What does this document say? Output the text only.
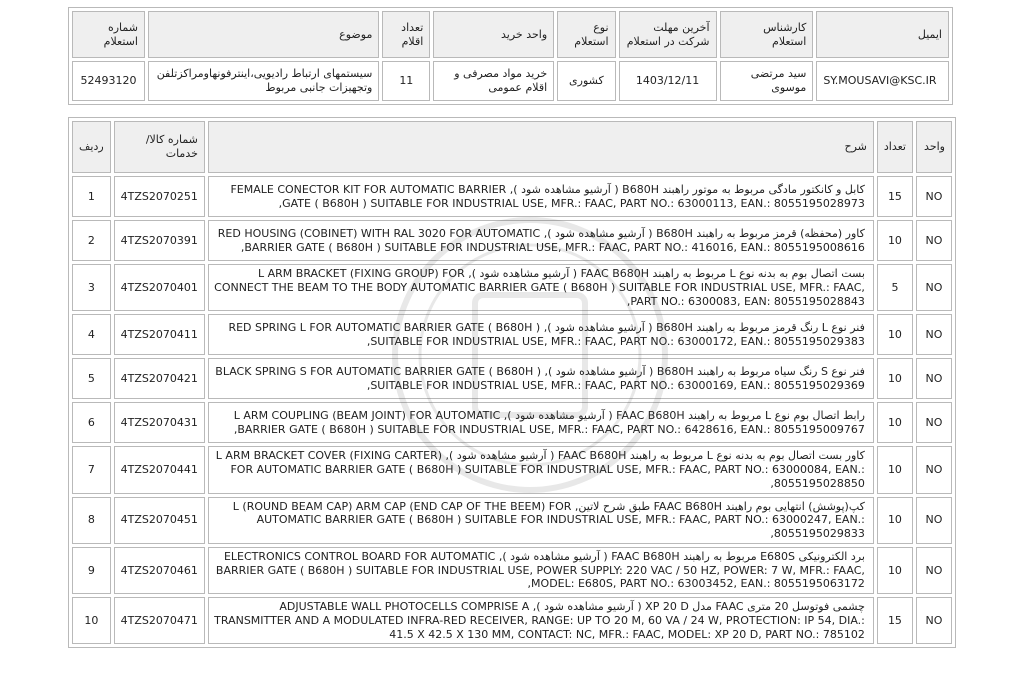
شماره استعلام	موضوع	تعداد اقلام	واحد خرید	نوع استعلام	آخرین مهلت شرکت در استعلام	کارشناس استعلام	ایمیل
52493120	سیستمهای ارتباط رادیویی،اینترفونهاومراکزتلفن وتجهیزات جانبی مربوط	11	خرید مواد مصرفی و اقلام عمومی	کشوری	1403/12/11	سید مرتضی موسوی	SY.MOUSAVI@KSC.IR
ردیف	شماره کالا/خدمات	شرح	تعداد	واحد
1	4TZS2070251	کابل و کانکتور مادگی مربوط به موتور راهبند B680H ( آرشیو مشاهده شود ), FEMALE CONECTOR KIT FOR AUTOMATIC BARRIER GATE ( B680H ) SUITABLE FOR INDUSTRIAL USE, MFR.: FAAC, PART NO.: 63000113, EAN.: 8055195028973,	15	NO
2	4TZS2070391	کاور (محفظه) قرمز مربوط به راهبند B680H ( آرشیو مشاهده شود ), RED HOUSING (COBINET) WITH RAL 3020 FOR AUTOMATIC BARRIER GATE ( B680H ) SUITABLE FOR INDUSTRIAL USE, MFR.: FAAC, PART NO.: 416016, EAN.: 8055195008616,	10	NO
3	4TZS2070401	بست اتصال بوم به بدنه نوع L مربوط به راهبند FAAC B680H ( آرشیو مشاهده شود ), L ARM BRACKET (FIXING GROUP) FOR CONNECT THE BEAM TO THE BODY AUTOMATIC BARRIER GATE ( B680H ) SUITABLE FOR INDUSTRIAL USE, MFR.: FAAC, PART NO.: 6300083, EAN: 8055195028843,	5	NO
4	4TZS2070411	فنر نوع L رنگ قرمز مربوط به راهبند B680H ( آرشیو مشاهده شود ), RED SPRING L FOR AUTOMATIC BARRIER GATE ( B680H ) SUITABLE FOR INDUSTRIAL USE, MFR.: FAAC, PART NO.: 63000172, EAN.: 8055195029383,	10	NO
5	4TZS2070421	فنر نوع S رنگ سیاه مربوط به راهبند B680H ( آرشیو مشاهده شود ), BLACK SPRING S FOR AUTOMATIC BARRIER GATE ( B680H ) SUITABLE FOR INDUSTRIAL USE, MFR.: FAAC, PART NO.: 63000169, EAN.: 8055195029369,	10	NO
6	4TZS2070431	رابط اتصال بوم نوع L مربوط به راهبند FAAC B680H ( آرشیو مشاهده شود ), L ARM COUPLING (BEAM JOINT) FOR AUTOMATIC BARRIER GATE ( B680H ) SUITABLE FOR INDUSTRIAL USE, MFR.: FAAC, PART NO.: 6428616, EAN.: 8055195009767,	10	NO
7	4TZS2070441	کاور بست اتصال بوم به بدنه نوع L مربوط به راهبند FAAC B680H ( آرشیو مشاهده شود ), L ARM BRACKET COVER (FIXING CARTER) FOR AUTOMATIC BARRIER GATE ( B680H ) SUITABLE FOR INDUSTRIAL USE, MFR.: FAAC, PART NO.: 63000084, EAN.: 8055195028850,	10	NO
8	4TZS2070451	کپ(پوشش) انتهایی بوم راهبند FAAC B680H طبق شرح لاتین, L (ROUND BEAM CAP) ARM CAP (END CAP OF THE BEEM) FOR AUTOMATIC BARRIER GATE ( B680H ) SUITABLE FOR INDUSTRIAL USE, MFR.: FAAC, PART NO.: 63000247, EAN.: 8055195029833,	10	NO
9	4TZS2070461	برد الکترونیکی E680S مربوط به راهبند FAAC B680H ( آرشیو مشاهده شود ), ELECTRONICS CONTROL BOARD FOR AUTOMATIC BARRIER GATE ( B680H ) SUITABLE FOR INDUSTRIAL USE, POWER SUPPLY: 220 VAC / 50 HZ, POWER: 7 W, MFR.: FAAC, MODEL: E680S, PART NO.: 63003452, EAN.: 8055195063172,	10	NO
10	4TZS2070471	چشمی فوتوسل 20 متری FAAC مدل XP 20 D ( آرشیو مشاهده شود ), ADJUSTABLE WALL PHOTOCELLS COMPRISE A TRANSMITTER AND A MODULATED INFRA-RED RECEIVER, RANGE: UP TO 20 M, 60 VA / 24 W, PROTECTION: IP 54, DIA.: 41.5 X 42.5 X 130 MM, CONTACT: NC, MFR.: FAAC, MODEL: XP 20 D, PART NO.: 785102	15	NO
